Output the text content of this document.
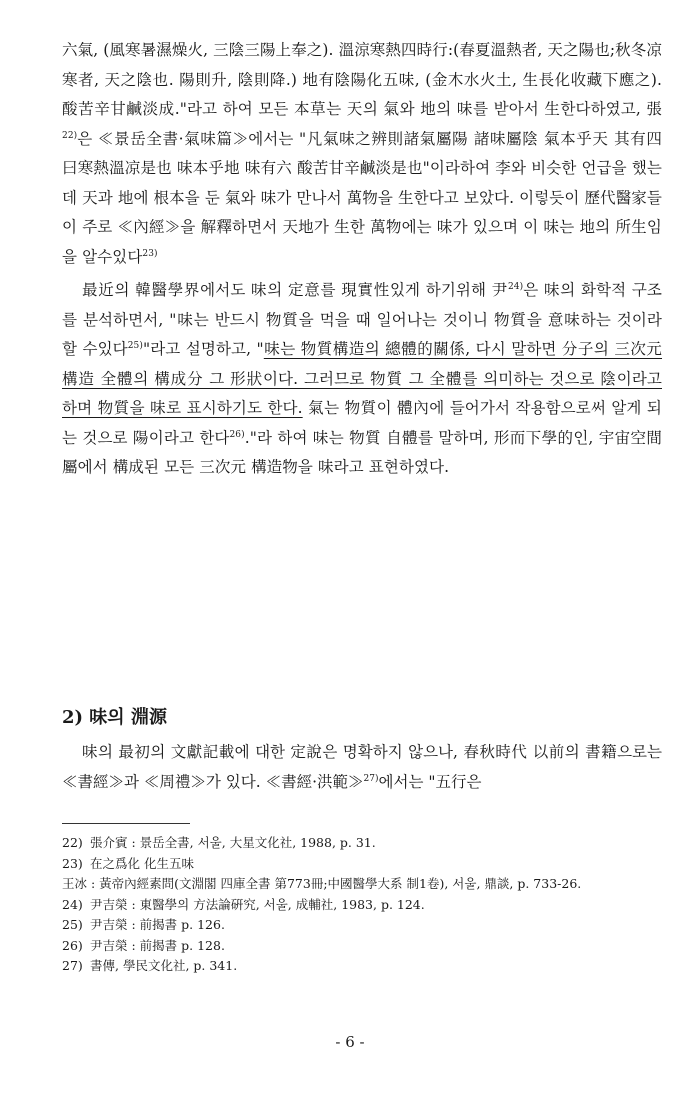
六氣, (風寒暑濕燥火, 三陰三陽上奉之). 溫涼寒熱四時行:(春夏溫熱者, 天之陽也;秋冬凉寒者, 天之陰也. 陽則升, 陰則降.) 地有陰陽化五味, (金木水火土, 生長化收藏下應之). 酸苦辛甘鹹淡成."라고 하여 모든 本草는 天의 氣와 地의 味를 받아서 生한다하였고, 張$^{22)}$은 ≪景岳全書·氣味篇≫에서는 "凡氣味之辨則諸氣屬陽 諸味屬陰 氣本乎天 其有四 曰寒熱溫凉是也 味本乎地 味有六 酸苦甘辛鹹淡是也"이라하여 李와 비슷한 언급을 했는데 天과 地에 根本을 둔 氣와 味가 만나서 萬物을 生한다고 보았다. 이렇듯이 歷代醫家들이 주로 ≪內經≫을 解釋하면서 天地가 生한 萬物에는 味가 있으며 이 味는 地의 所生임을 알수있다$^{23)}$

最近의 韓醫學界에서도 味의 定意를 現實性있게 하기위해 尹$^{24)}$은 味의 화학적 구조를 분석하면서, "味는 반드시 物質을 먹을 때 일어나는 것이니 物質을 意味하는 것이라 할 수있다$^{25)}$"라고 설명하고, "味는 物質構造의 總體的關係, 다시 말하면 分子의 三次元構造 全體의 構成分 그 形狀이다. 그러므로 物質 그 全體를 의미하는 것으로 陰이라고 하며 物質을 味로 표시하기도 한다. 氣는 物質이 體內에 들어가서 작용함으로써 알게 되는 것으로 陽이라고 한다$^{26)}$."라 하여 味는 物質 自體를 말하며, 形而下學的인, 宇宙空間 屬에서 構成된 모든 三次元 構造物을 味라고 표현하였다.

2) 味의 淵源

味의 最初의 文獻記載에 대한 定說은 명확하지 않으나, 春秋時代 以前의 書籍으로는 ≪書經≫과 ≪周禮≫가 있다. ≪書經·洪範≫$^{27)}$에서는 "五行은

22) 張介賓 : 景岳全書, 서울, 大星文化社, 1988, p. 31.
23) 在之爲化 化生五味
王冰 : 黃帝內經素問(文淵閣 四庫全書 第773冊;中國醫學大系 制1卷), 서울, 鼎談, p. 733-26.
24) 尹吉榮 : 東醫學의 方法論硏究, 서울, 成輔社, 1983, p. 124.
25) 尹吉榮 : 前揭書 p. 126.
26) 尹吉榮 : 前揭書 p. 128.
27) 書傳, 學民文化社, p. 341.
- 6 -
